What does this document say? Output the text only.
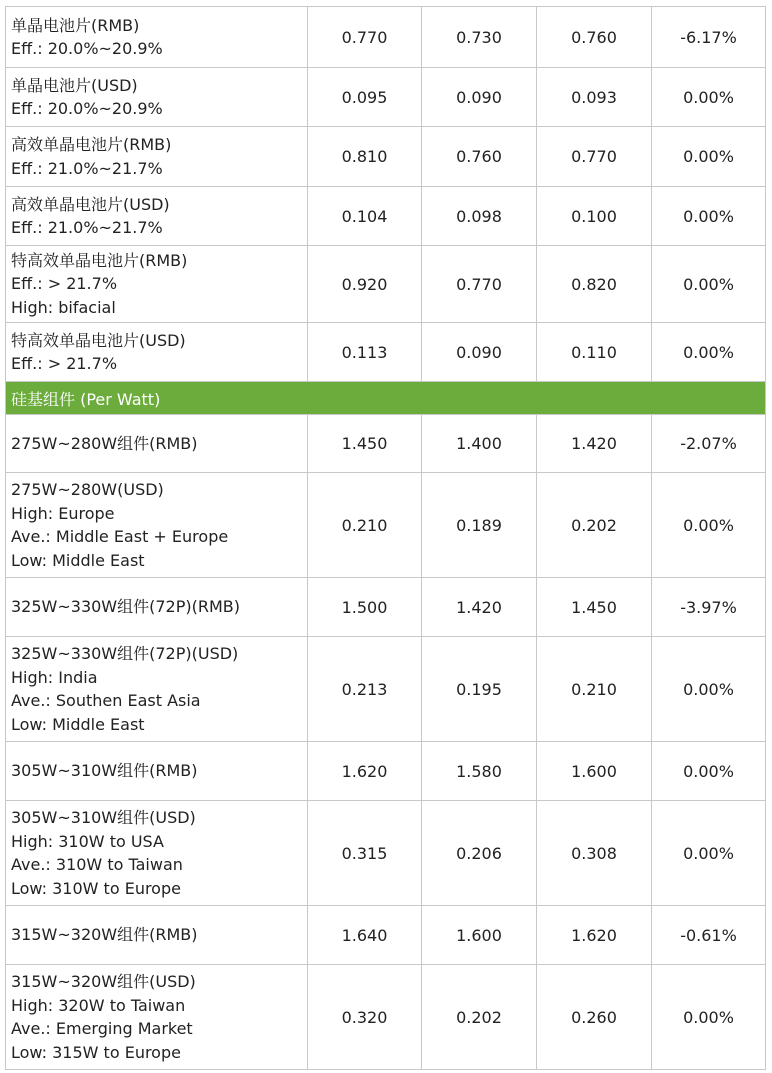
单晶电池片(RMB)
Eff.: 20.0%~20.9%	0.770	0.730	0.760	-6.17%

单晶电池片(USD)
Eff.: 20.0%~20.9%	0.095	0.090	0.093	0.00%

高效单晶电池片(RMB)
Eff.: 21.0%~21.7%	0.810	0.760	0.770	0.00%

高效单晶电池片(USD)
Eff.: 21.0%~21.7%	0.104	0.098	0.100	0.00%

特高效单晶电池片(RMB)
Eff.: > 21.7%
High: bifacial	0.920	0.770	0.820	0.00%

特高效单晶电池片(USD)
Eff.: > 21.7%	0.113	0.090	0.110	0.00%
硅基组件 (Per Watt)				

275W~280W组件(RMB)	1.450	1.400	1.420	-2.07%

275W~280W(USD)
High: Europe
Ave.: Middle East + Europe
Low: Middle East	0.210	0.189	0.202	0.00%

325W~330W组件(72P)(RMB)	1.500	1.420	1.450	-3.97%

325W~330W组件(72P)(USD)
High: India
Ave.: Southen East Asia
Low: Middle East	0.213	0.195	0.210	0.00%

305W~310W组件(RMB)	1.620	1.580	1.600	0.00%

305W~310W组件(USD)
High: 310W to USA
Ave.: 310W to Taiwan
Low: 310W to Europe	0.315	0.206	0.308	0.00%

315W~320W组件(RMB)	1.640	1.600	1.620	-0.61%

315W~320W组件(USD)
High: 320W to Taiwan
Ave.: Emerging Market
Low: 315W to Europe	0.320	0.202	0.260	0.00%
